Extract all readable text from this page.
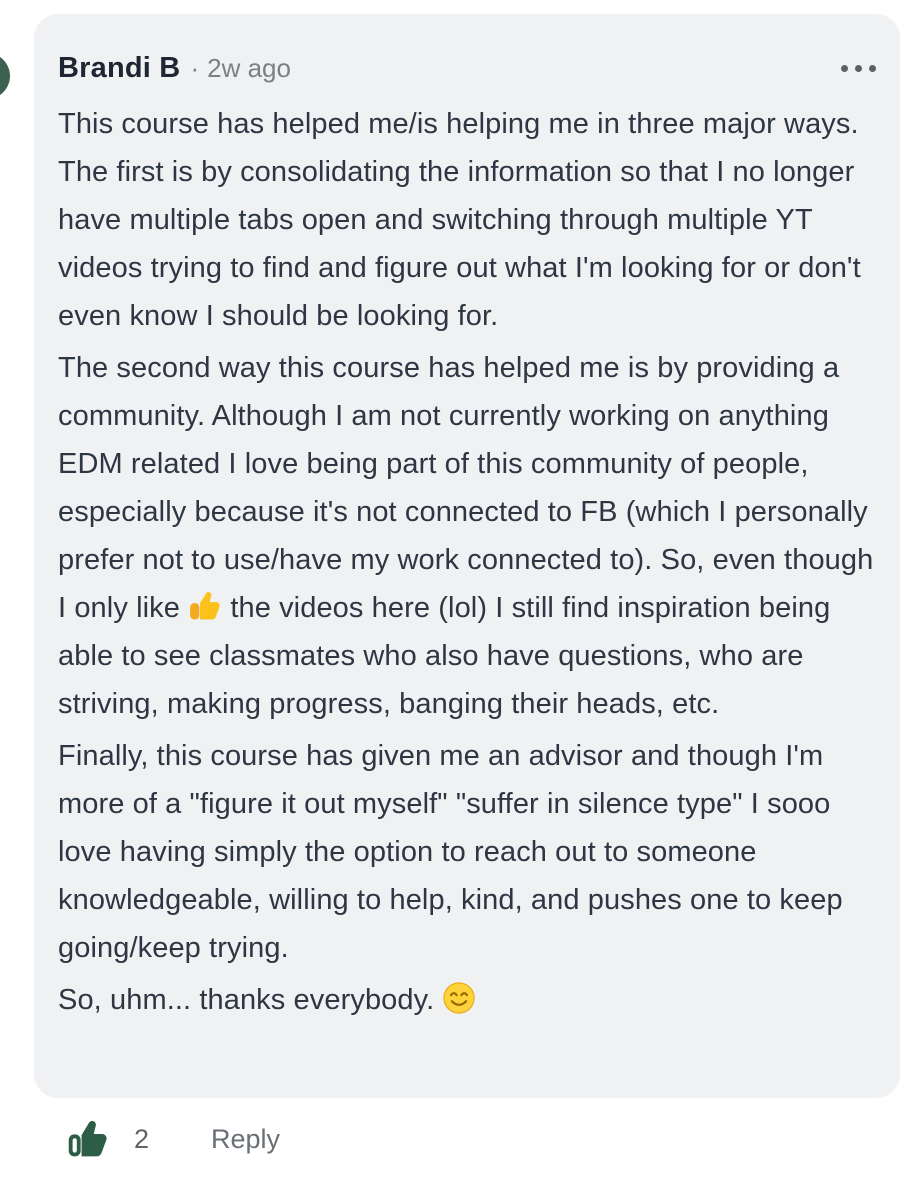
Brandi B · 2w ago

This course has helped me/is helping me in three major ways. The first is by consolidating the information so that I no longer have multiple tabs open and switching through multiple YT videos trying to find and figure out what I'm looking for or don't even know I should be looking for.

The second way this course has helped me is by providing a community. Although I am not currently working on anything EDM related I love being part of this community of people, especially because it's not connected to FB (which I personally prefer not to use/have my work connected to). So, even though I only like
the videos here (lol) I still find inspiration being able to see classmates who also have questions, who are striving, making progress, banging their heads, etc.

Finally, this course has given me an advisor and though I'm more of a "figure it out myself" "suffer in silence type" I sooo love having simply the option to reach out to someone knowledgeable, willing to help, kind, and pushes one to keep going/keep trying.

So, uhm... thanks everybody.

2 Reply
